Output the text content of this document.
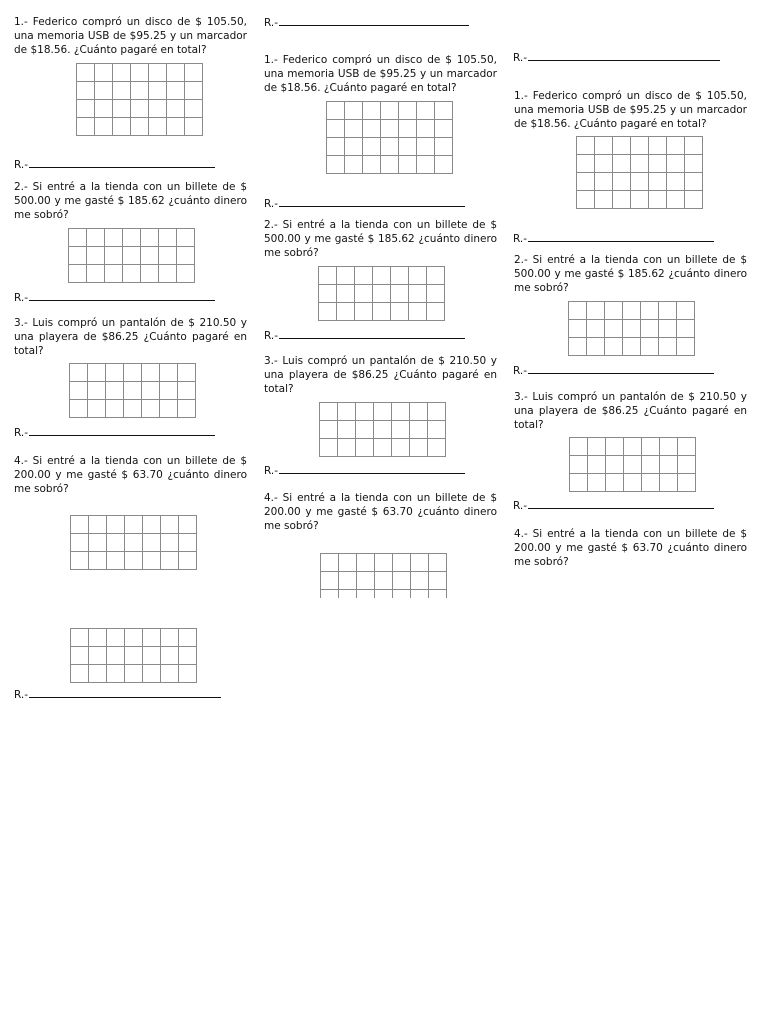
1.- Federico compró un disco de $ 105.50, una memoria USB de $95.25 y un marcador de $18.56. ¿Cuánto pagaré en total?

R.-

2.- Si entré a la tienda con un billete de $ 500.00 y me gasté $ 185.62 ¿cuánto dinero me sobró?

R.-

3.- Luis compró un pantalón de $ 210.50 y una playera de $86.25 ¿Cuánto pagaré en total?

R.-

4.- Si entré a la tienda con un billete de $ 200.00 y me gasté $ 63.70 ¿cuánto dinero me sobró?

R.-
R.-

1.- Federico compró un disco de $ 105.50, una memoria USB de $95.25 y un marcador de $18.56. ¿Cuánto pagaré en total?

R.-

2.- Si entré a la tienda con un billete de $ 500.00 y me gasté $ 185.62 ¿cuánto dinero me sobró?

R.-

3.- Luis compró un pantalón de $ 210.50 y una playera de $86.25 ¿Cuánto pagaré en total?

R.-

4.- Si entré a la tienda con un billete de $ 200.00 y me gasté $ 63.70 ¿cuánto dinero me sobró?

R.-

1.- Federico compró un disco de $ 105.50, una memoria USB de $95.25 y un marcador de $18.56. ¿Cuánto pagaré en total?

R.-

2.- Si entré a la tienda con un billete de $ 500.00 y me gasté $ 185.62 ¿cuánto dinero me sobró?

R.-

3.- Luis compró un pantalón de $ 210.50 y una playera de $86.25 ¿Cuánto pagaré en total?

R.-

4.- Si entré a la tienda con un billete de $ 200.00 y me gasté $ 63.70 ¿cuánto dinero me sobró?
